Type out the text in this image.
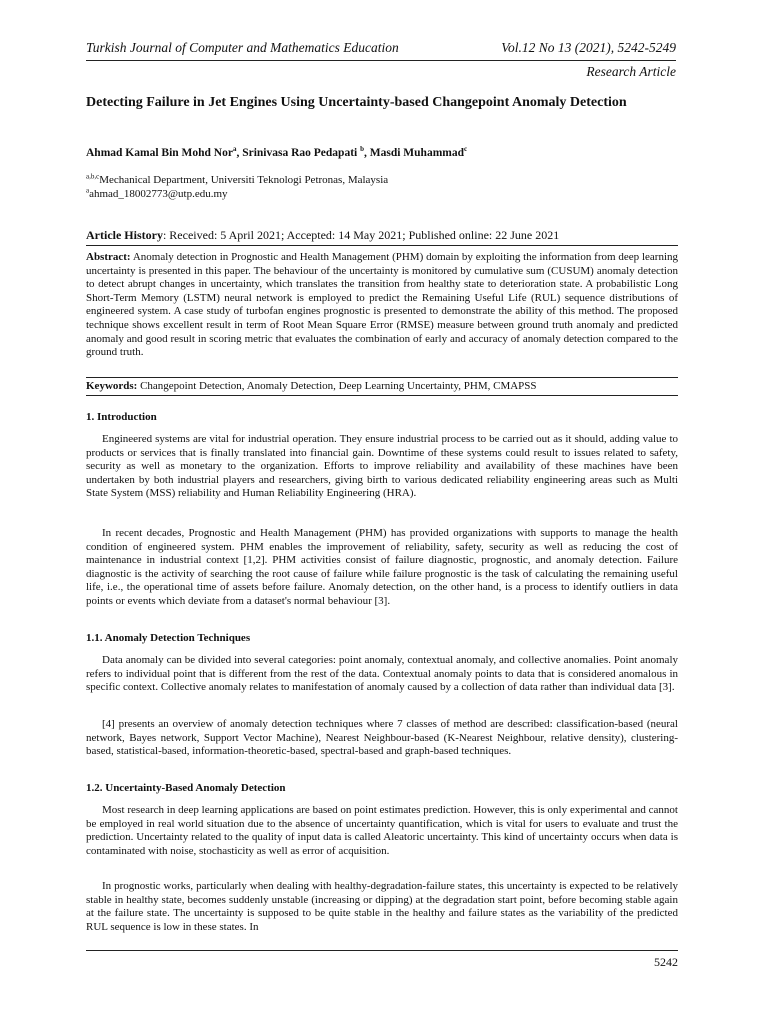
Turkish Journal of Computer and Mathematics Education	Vol.12 No 13 (2021), 5242-5249
Research Article
Detecting Failure in Jet Engines Using Uncertainty-based Changepoint Anomaly Detection
Ahmad Kamal Bin Mohd Nor$^a$, Srinivasa Rao Pedapati $^b$, Masdi Muhammad$^c$
$^{a,b,c}$Mechanical Department, Universiti Teknologi Petronas, Malaysia
$^a$ahmad_18002773@utp.edu.my
Article History: Received: 5 April 2021; Accepted: 14 May 2021; Published online: 22 June 2021
Abstract: Anomaly detection in Prognostic and Health Management (PHM) domain by exploiting the information from deep learning uncertainty is presented in this paper. The behaviour of the uncertainty is monitored by cumulative sum (CUSUM) anomaly detection to detect abrupt changes in uncertainty, which translates the transition from healthy state to deterioration state. A probabilistic Long Short-Term Memory (LSTM) neural network is employed to predict the Remaining Useful Life (RUL) sequence distributions of engineered system. A case study of turbofan engines prognostic is presented to demonstrate the ability of this method. The proposed technique shows excellent result in term of Root Mean Square Error (RMSE) measure between ground truth anomaly and predicted anomaly and good result in scoring metric that evaluates the combination of early and accuracy of anomaly detection compared to the ground truth.
Keywords: Changepoint Detection, Anomaly Detection, Deep Learning Uncertainty, PHM, CMAPSS
1. Introduction
Engineered systems are vital for industrial operation. They ensure industrial process to be carried out as it should, adding value to products or services that is finally translated into financial gain. Downtime of these systems could result to issues related to safety, security as well as monetary to the organization. Efforts to improve reliability and availability of these machines have been undertaken by both industrial players and researchers, giving birth to various dedicated reliability engineering areas such as Multi State System (MSS) reliability and Human Reliability Engineering (HRA).
In recent decades, Prognostic and Health Management (PHM) has provided organizations with supports to manage the health condition of engineered system. PHM enables the improvement of reliability, safety, security as well as reducing the cost of maintenance in industrial context [1,2]. PHM activities consist of failure diagnostic, prognostic, and anomaly detection. Failure diagnostic is the activity of searching the root cause of failure while failure prognostic is the task of calculating the remaining useful life, i.e., the operational time of assets before failure. Anomaly detection, on the other hand, is a process to identify outliers in data points or events which deviate from a dataset's normal behaviour [3].
1.1. Anomaly Detection Techniques
Data anomaly can be divided into several categories: point anomaly, contextual anomaly, and collective anomalies. Point anomaly refers to individual point that is different from the rest of the data. Contextual anomaly points to data that is considered anomalous in specific context. Collective anomaly relates to manifestation of anomaly caused by a collection of data rather than individual data [3].
[4] presents an overview of anomaly detection techniques where 7 classes of method are described: classification-based (neural network, Bayes network, Support Vector Machine), Nearest Neighbour-based (K-Nearest Neighbour, relative density), clustering-based, statistical-based, information-theoretic-based, spectral-based and graph-based techniques.
1.2. Uncertainty-Based Anomaly Detection
Most research in deep learning applications are based on point estimates prediction. However, this is only experimental and cannot be employed in real world situation due to the absence of uncertainty quantification, which is vital for users to evaluate and trust the prediction. Uncertainty related to the quality of input data is called Aleatoric uncertainty. This kind of uncertainty occurs when data is contaminated with noise, stochasticity as well as error of acquisition.
In prognostic works, particularly when dealing with healthy-degradation-failure states, this uncertainty is expected to be relatively stable in healthy state, becomes suddenly unstable (increasing or dipping) at the degradation start point, before becoming stable again at the failure state. The uncertainty is supposed to be quite stable in the healthy and failure states as the variability of the predicted RUL sequence is low in these states. In
5242
